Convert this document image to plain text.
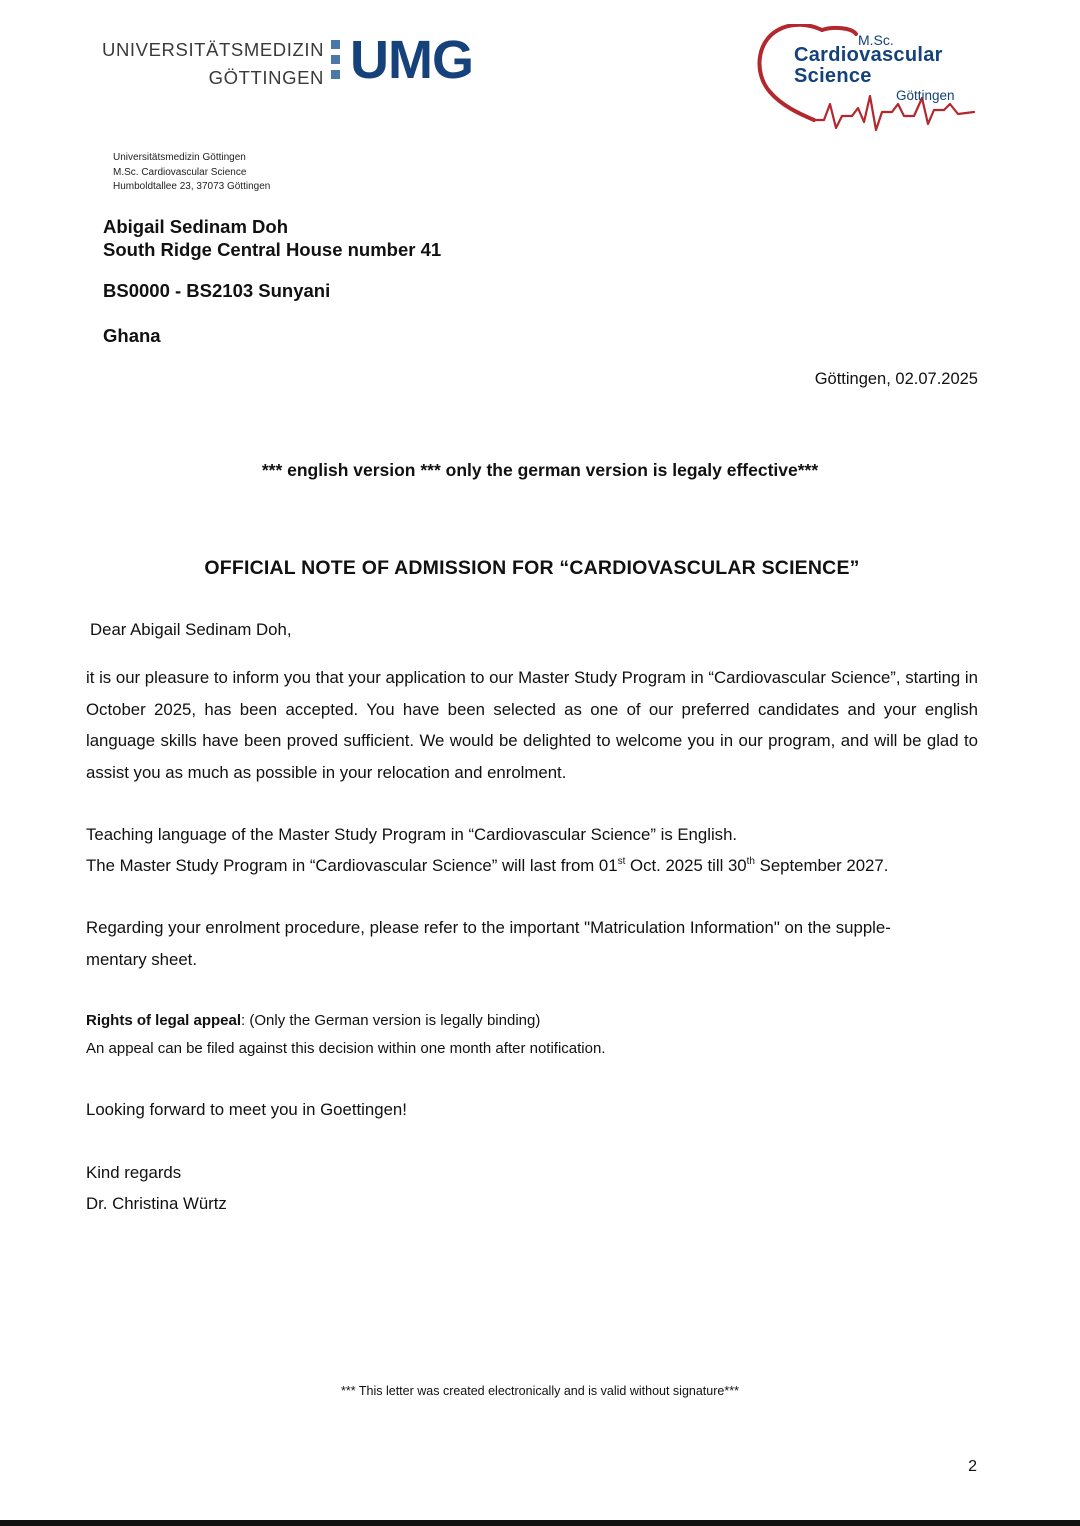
UNIVERSITÄTSMEDIZIN
GÖTTINGEN UMG	M.Sc.
Cardiovascular
Science
Göttingen
Universitätsmedizin Göttingen
M.Sc. Cardiovascular Science
Humboldtallee 23, 37073 Göttingen
Abigail Sedinam Doh
South Ridge Central House number 41
BS0000 - BS2103 Sunyani
Ghana
Göttingen, 02.07.2025
*** english version *** only the german version is legaly effective***
OFFICIAL NOTE OF ADMISSION FOR “CARDIOVASCULAR SCIENCE”
Dear Abigail Sedinam Doh,
it is our pleasure to inform you that your application to our Master Study Program in “Cardiovascular Science”, starting in October 2025, has been accepted. You have been selected as one of our preferred candidates and your english language skills have been proved sufficient. We would be delighted to welcome you in our program, and will be glad to assist you as much as possible in your relocation and enrolment.
Teaching language of the Master Study Program in “Cardiovascular Science” is English.
The Master Study Program in “Cardiovascular Science” will last from 01st Oct. 2025 till 30th September 2027.
Regarding your enrolment procedure, please refer to the important "Matriculation Information" on the supple-
mentary sheet.
Rights of legal appeal: (Only the German version is legally binding)
An appeal can be filed against this decision within one month after notification.
Looking forward to meet you in Goettingen!
Kind regards
Dr. Christina Würtz
*** This letter was created electronically and is valid without signature***
2
